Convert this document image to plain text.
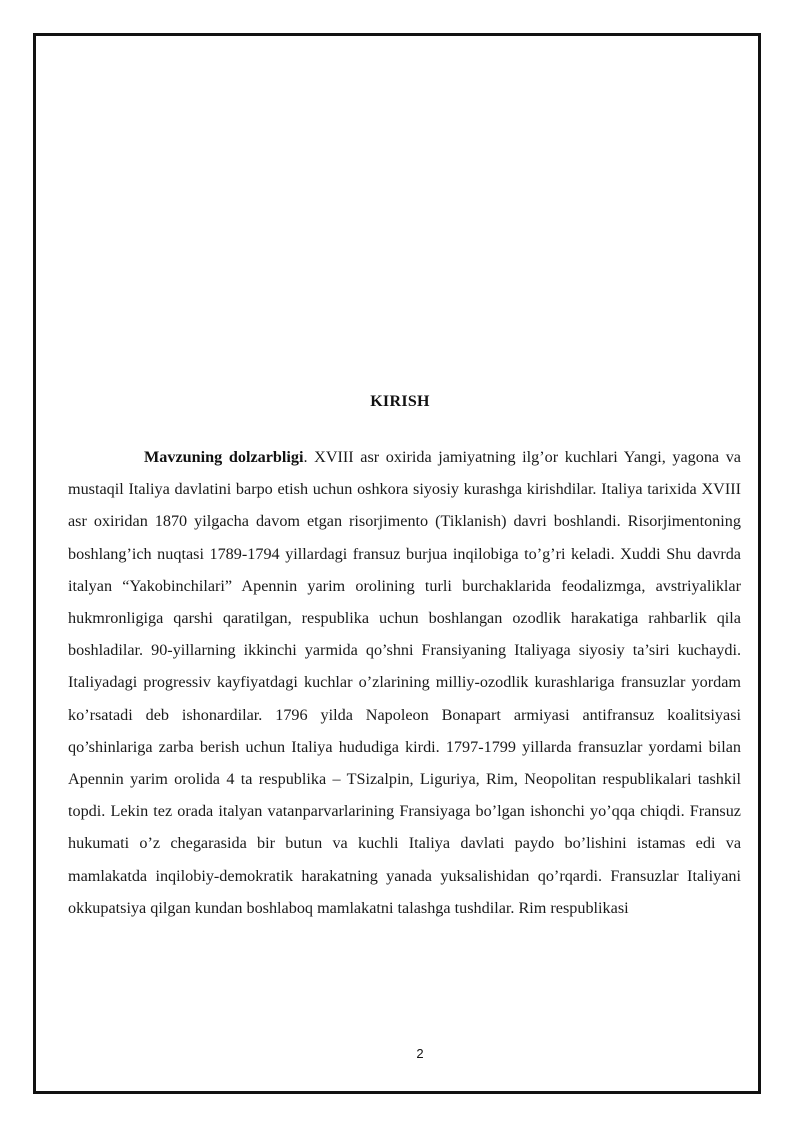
KIRISH

Mavzuning dolzarbligi. XVIII asr oxirida jamiyatning ilg’or kuchlari Yangi, yagona va mustaqil Italiya davlatini barpo etish uchun oshkora siyosiy kurashga kirishdilar. Italiya tarixida XVIII asr oxiridan 1870 yilgacha davom etgan risorjimento (Tiklanish) davri boshlandi. Risorjimentoning boshlang’ich nuqtasi 1789-1794 yillardagi fransuz burjua inqilobiga to’g’ri keladi. Xuddi Shu davrda italyan “Yakobinchilari” Apennin yarim orolining turli burchaklarida feodalizmga, avstriyaliklar hukmronligiga qarshi qaratilgan, respublika uchun boshlangan ozodlik harakatiga rahbarlik qila boshladilar. 90-yillarning ikkinchi yarmida qo’shni Fransiyaning Italiyaga siyosiy ta’siri kuchaydi. Italiyadagi progressiv kayfiyatdagi kuchlar o’zlarining milliy-ozodlik kurashlariga fransuzlar yordam ko’rsatadi deb ishonardilar. 1796 yilda Napoleon Bonapart armiyasi antifransuz koalitsiyasi qo’shinlariga zarba berish uchun Italiya hududiga kirdi. 1797-1799 yillarda fransuzlar yordami bilan Apennin yarim orolida 4 ta respublika – TSizalpin, Liguriya, Rim, Neopolitan respublikalari tashkil topdi. Lekin tez orada italyan vatanparvarlarining Fransiyaga bo’lgan ishonchi yo’qqa chiqdi. Fransuz hukumati o’z chegarasida bir butun va kuchli Italiya davlati paydo bo’lishini istamas edi va mamlakatda inqilobiy-demokratik harakatning yanada yuksalishidan qo’rqardi. Fransuzlar Italiyani okkupatsiya qilgan kundan boshlaboq mamlakatni talashga tushdilar. Rim respublikasi

2
